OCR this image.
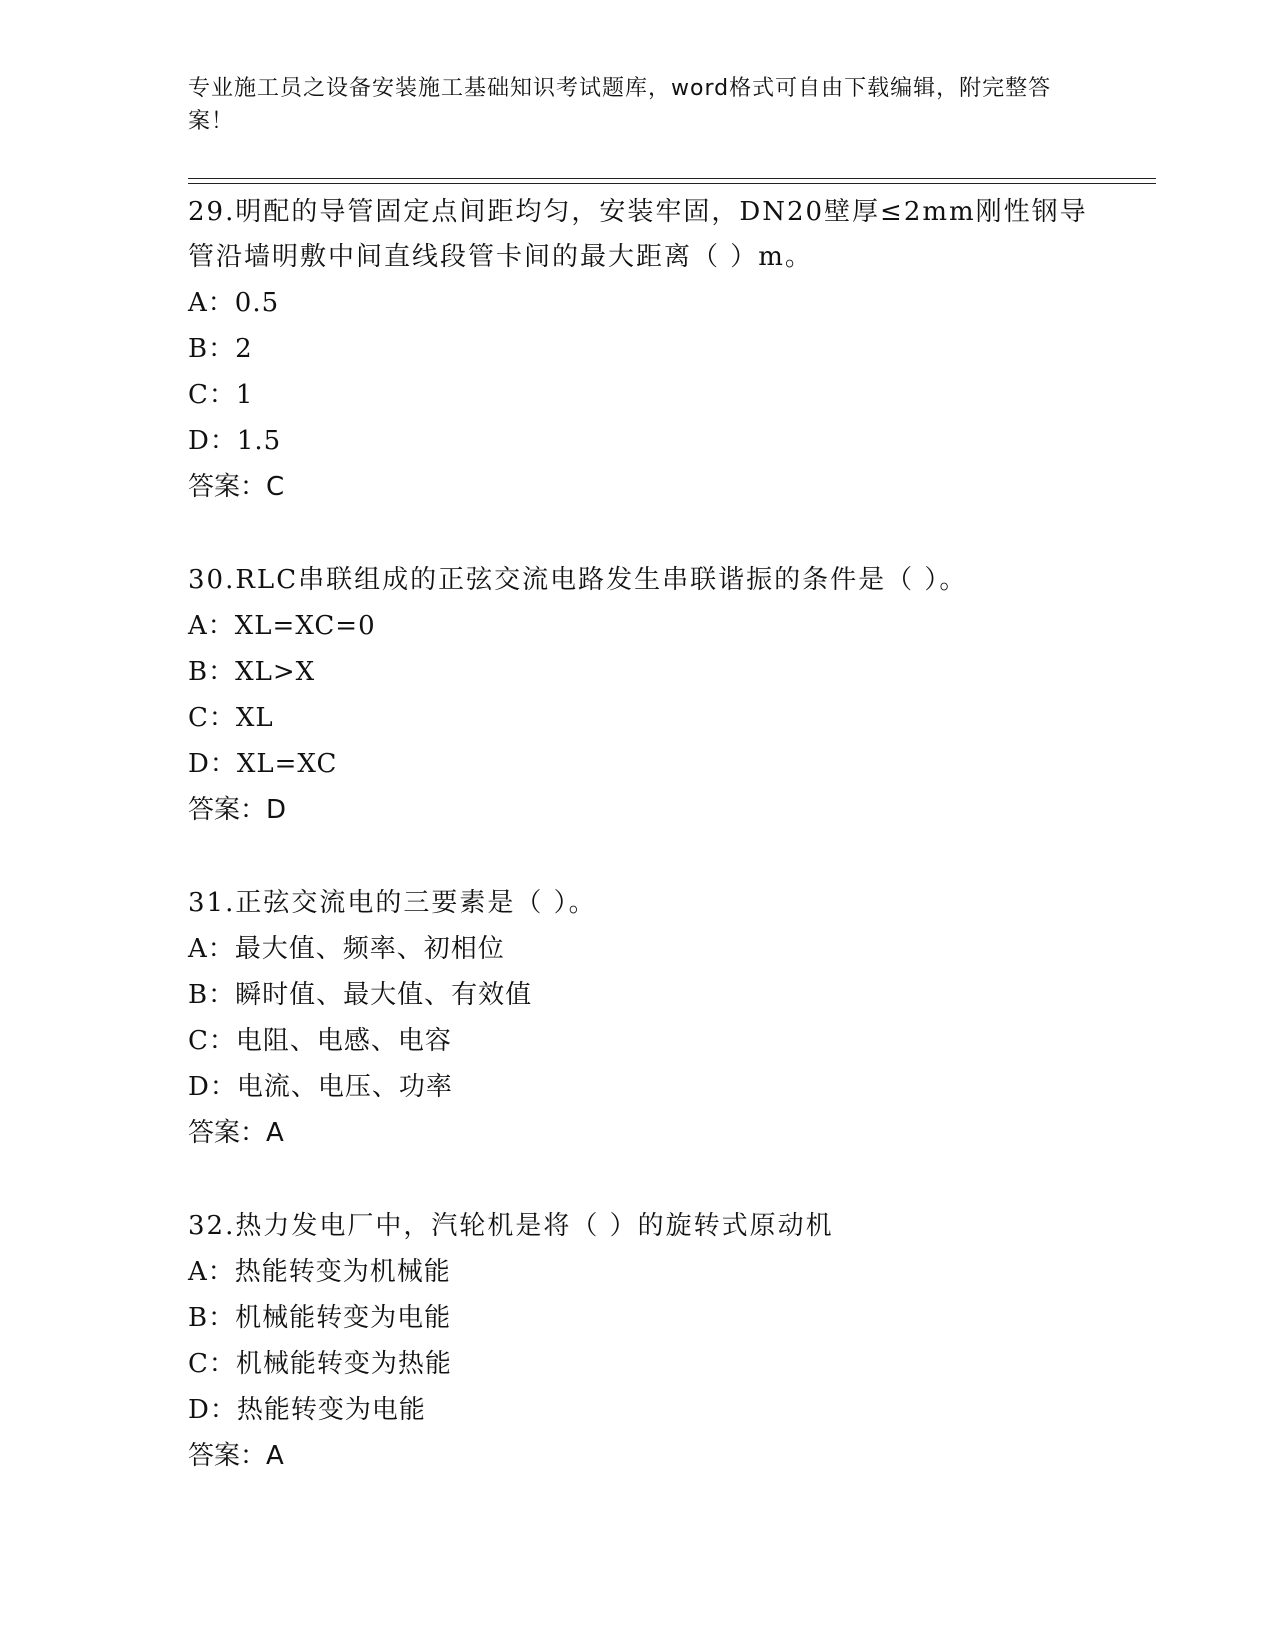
专业施工员之设备安装施工基础知识考试题库，word格式可自由下载编辑，附完整答案！

29.明配的导管固定点间距均匀，安装牢固，DN20壁厚≤2mm刚性钢导管沿墙明敷中间直线段管卡间的最大距离（ ）m。

A：0.5

B：2

C：1

D：1.5

答案：C

30.RLC串联组成的正弦交流电路发生串联谐振的条件是（ ）。

A：XL=XC=0

B：XL>X

C：XL

D：XL=XC

答案：D

31.正弦交流电的三要素是（ ）。

A：最大值、频率、初相位

B：瞬时值、最大值、有效值

C：电阻、电感、电容

D：电流、电压、功率

答案：A

32.热力发电厂中，汽轮机是将（ ）的旋转式原动机

A：热能转变为机械能

B：机械能转变为电能

C：机械能转变为热能

D：热能转变为电能

答案：A
